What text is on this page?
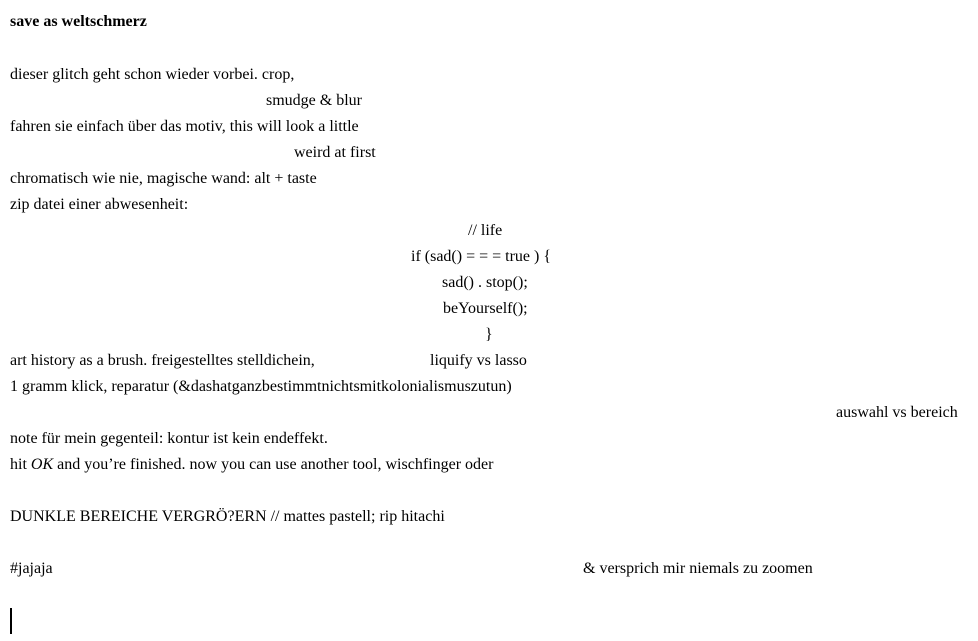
save as weltschmerz
dieser glitch geht schon wieder vorbei. crop,
smudge & blur
fahren sie einfach über das motiv, this will look a little
weird at first
chromatisch wie nie, magische wand: alt + taste
zip datei einer abwesenheit:
// life
if (sad() = = = true ) {
sad() . stop();
beYourself();
}
art history as a brush. freigestelltes stelldichein,	liquify vs lasso
1 gramm klick, reparatur (&dashatganzbestimmtnichtsmitkolonialismuszutun)
auswahl vs bereich
note für mein gegenteil: kontur ist kein endeffekt.
hit OK and you’re finished. now you can use another tool, wischfinger oder
DUNKLE BEREICHE VERGRÖ?ERN // mattes pastell; rip hitachi
#jajaja	& versprich mir niemals zu zoomen
